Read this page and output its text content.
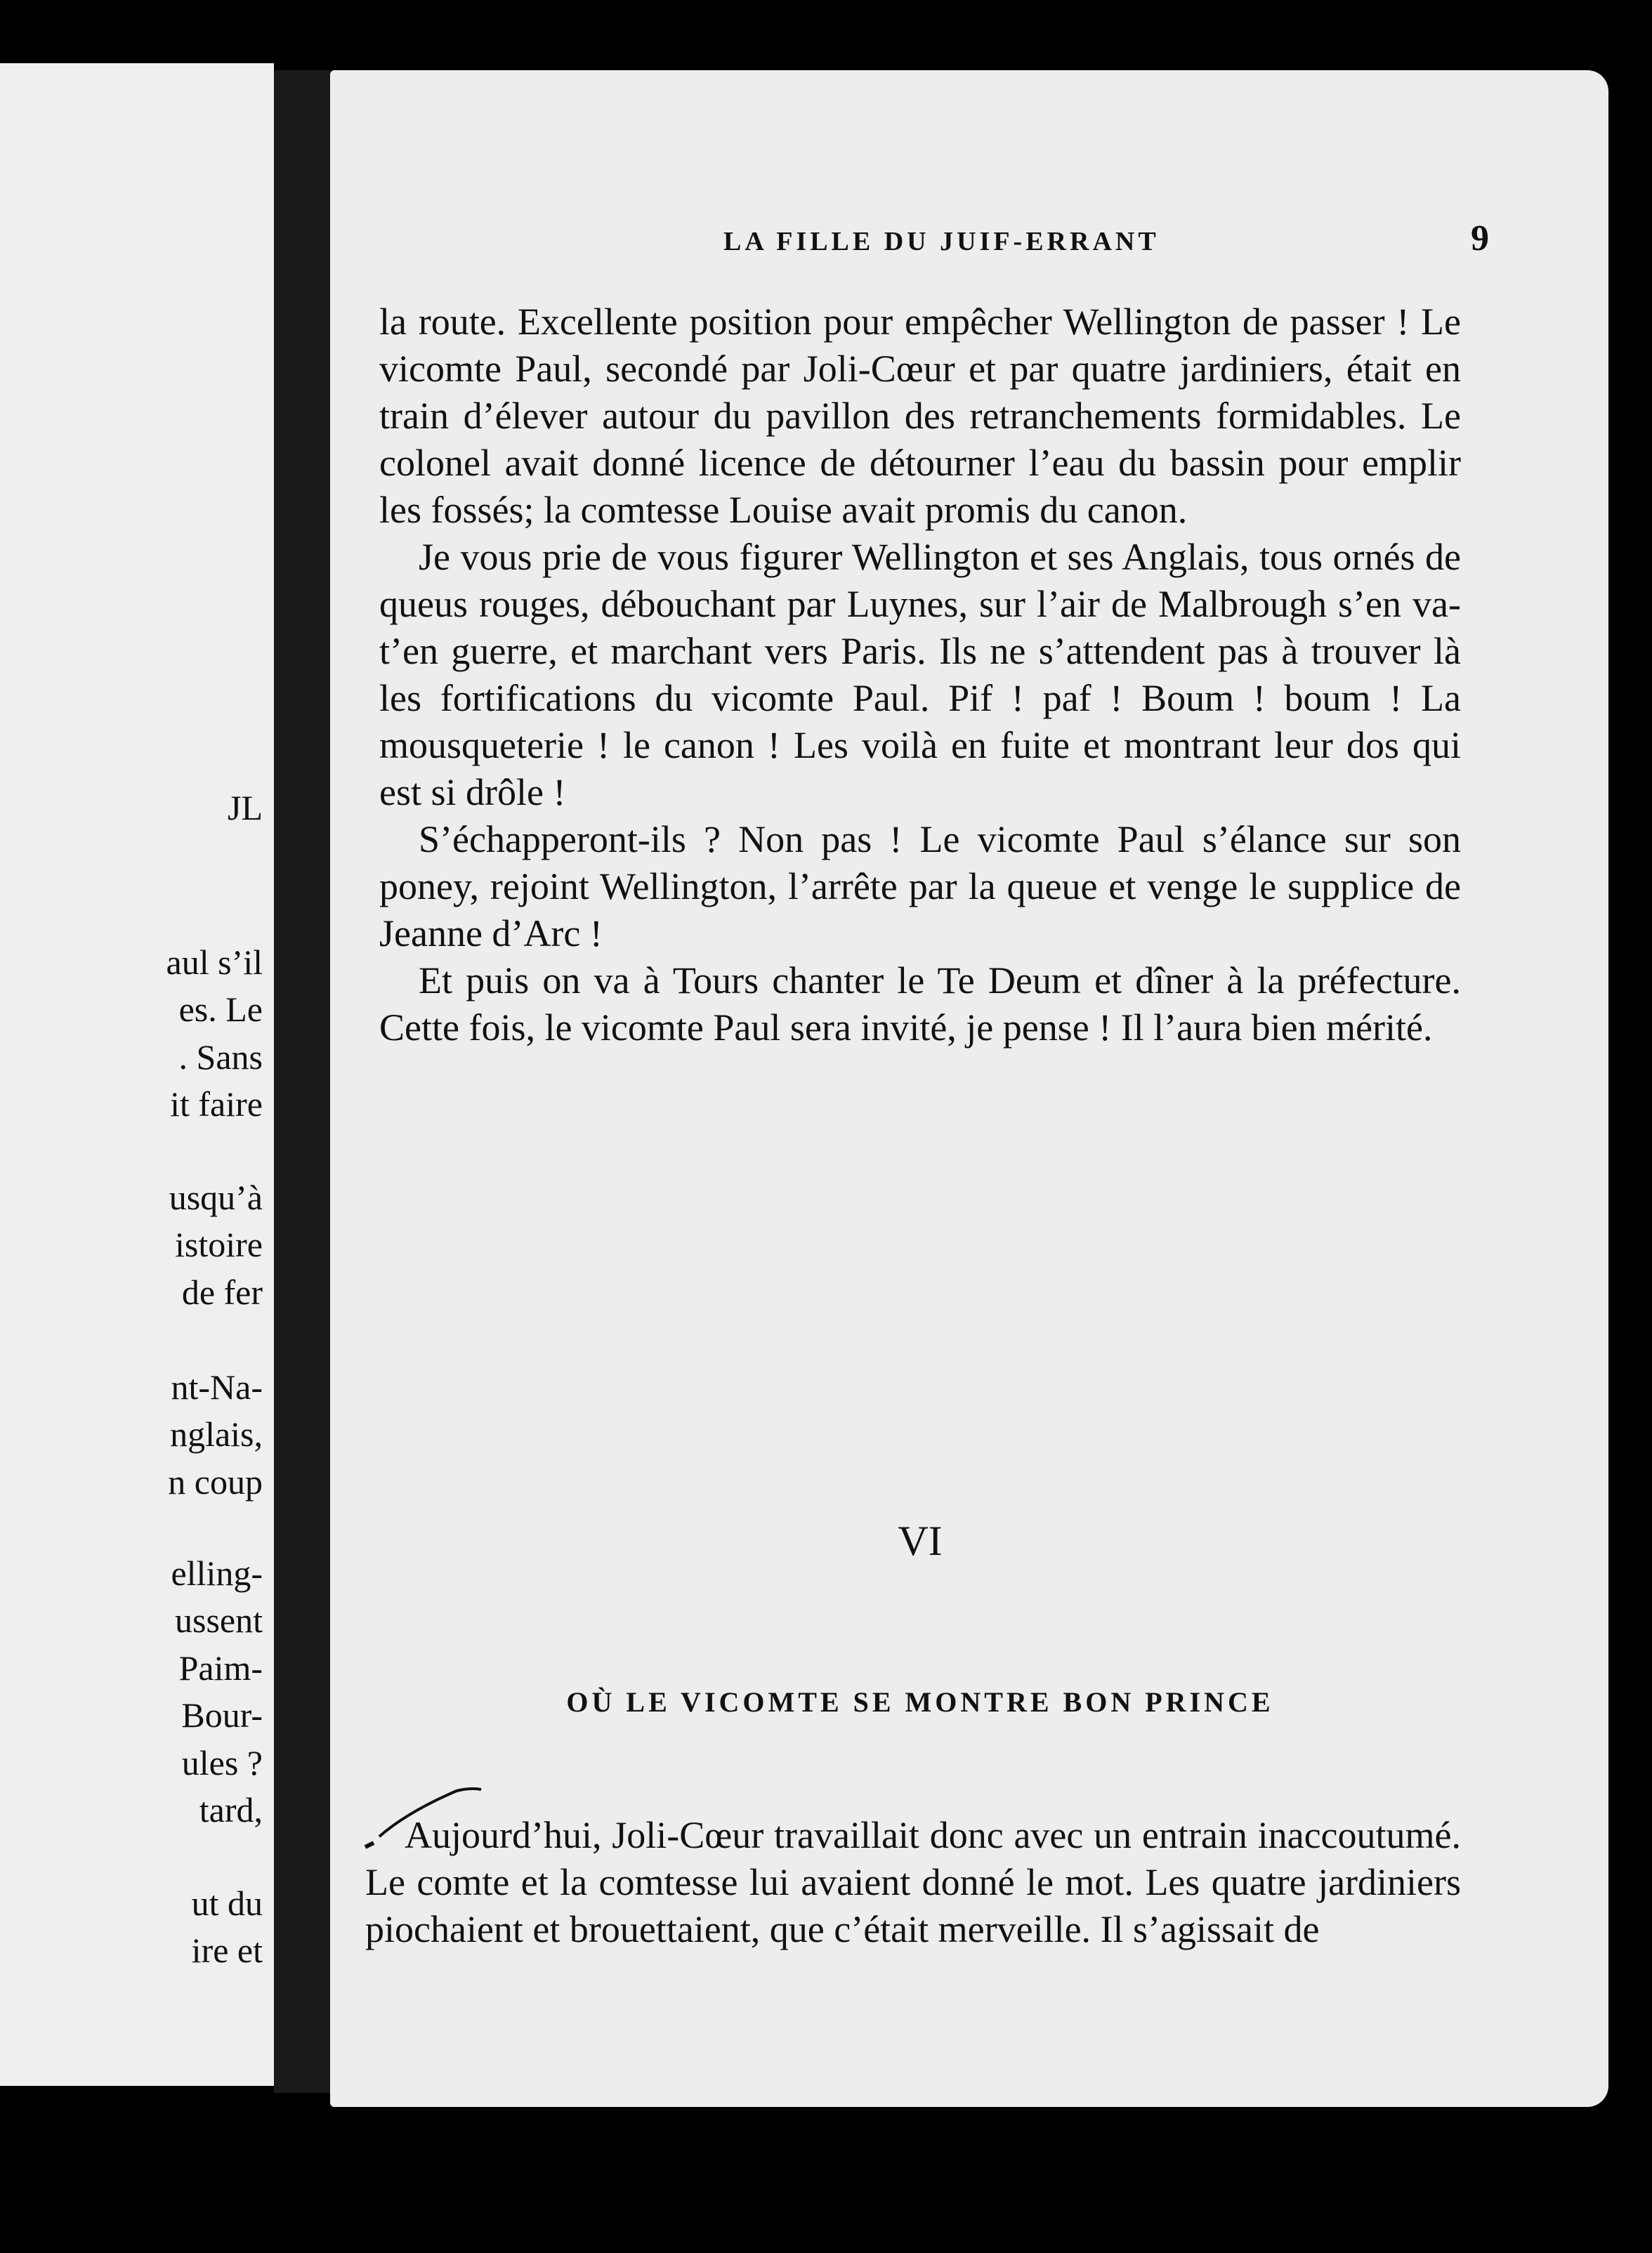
JL
aul s’il
es. Le
. Sans
it faire
usqu’à
istoire
de fer
nt-Na-
nglais,
n coup
elling-
ussent
Paim-
Bour-
ules ?
tard,
ut du
ire et
LA FILLE DU JUIF-ERRANT	9

la route. Excellente position pour empêcher Wellington de passer ! Le vicomte Paul, secondé par Joli-Cœur et par quatre jardiniers, était en train d’élever autour du pavillon des retranchements formidables. Le colonel avait donné licence de détourner l’eau du bassin pour emplir les fossés; la comtesse Louise avait promis du canon.

Je vous prie de vous figurer Wellington et ses Anglais, tous ornés de queus rouges, débouchant par Luynes, sur l’air de Malbrough s’en va-t’en guerre, et marchant vers Paris. Ils ne s’attendent pas à trouver là les fortifications du vicomte Paul. Pif ! paf ! Boum ! boum ! La mousqueterie ! le canon ! Les voilà en fuite et montrant leur dos qui est si drôle !

S’échapperont-ils ? Non pas ! Le vicomte Paul s’élance sur son poney, rejoint Wellington, l’arrête par la queue et venge le supplice de Jeanne d’Arc !

Et puis on va à Tours chanter le Te Deum et dîner à la préfecture. Cette fois, le vicomte Paul sera invité, je pense ! Il l’aura bien mérité.

VI
OÙ LE VICOMTE SE MONTRE BON PRINCE

Aujourd’hui, Joli-Cœur travaillait donc avec un entrain inaccoutumé. Le comte et la comtesse lui avaient donné le mot. Les quatre jardiniers piochaient et brouettaient, que c’était merveille. Il s’agissait de
